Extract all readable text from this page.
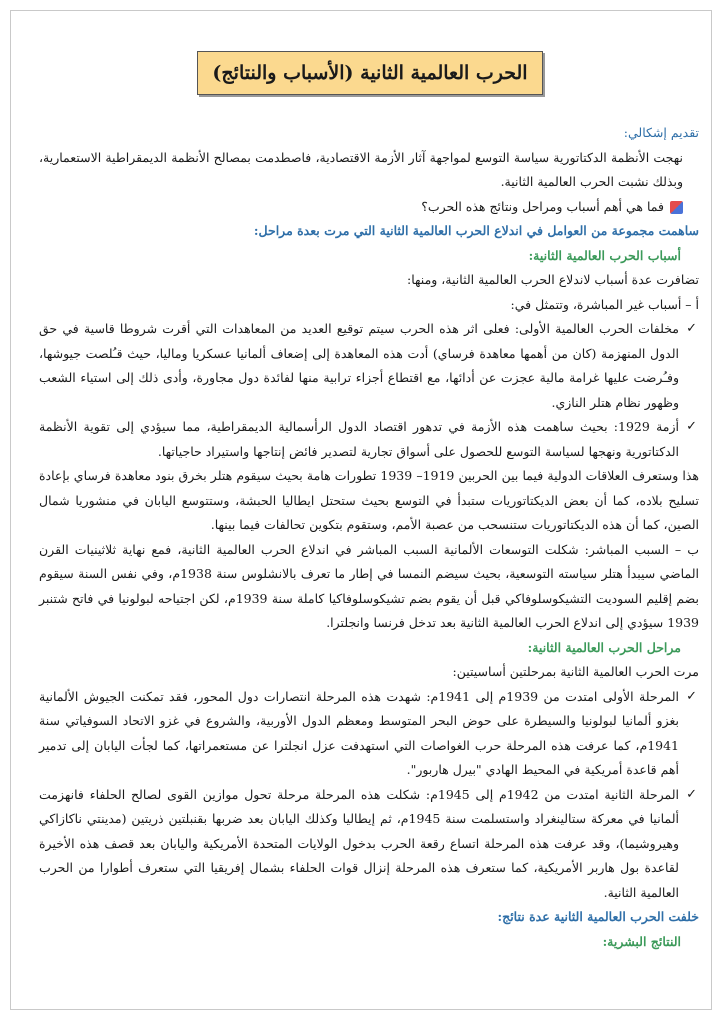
الحرب العالمية الثانية (الأسباب والنتائج)

تقديم إشكالي:

نهجت الأنظمة الدكتاتورية سياسة التوسع لمواجهة آثار الأزمة الاقتصادية، فاصطدمت بمصالح الأنظمة الديمقراطية الاستعمارية، وبذلك نشبت الحرب العالمية الثانية.

فما هي أهم أسباب ومراحل ونتائج هذه الحرب؟

ساهمت مجموعة من العوامل في اندلاع الحرب العالمية الثانية التي مرت بعدة مراحل:

أسباب الحرب العالمية الثانية:

تضافرت عدة أسباب لاندلاع الحرب العالمية الثانية، ومنها:

أ – أسباب غير المباشرة، وتتمثل في:

✓

مخلفات الحرب العالمية الأولى: فعلى اثر هذه الحرب سيتم توقيع العديد من المعاهدات التي أقرت شروطا قاسية في حق الدول المنهزمة (كان من أهمها معاهدة فرساي) أدت هذه المعاهدة إلى إضعاف ألمانيا عسكريا وماليا، حيث قـُلصت جيوشها، وفـُرضت عليها غرامة مالية عجزت عن أدائها، مع اقتطاع أجزاء ترابية منها لفائدة دول مجاورة، وأدى ذلك إلى استياء الشعب وظهور نظام هتلر النازي.

✓

أزمة 1929: بحيث ساهمت هذه الأزمة في تدهور اقتصاد الدول الرأسمالية الديمقراطية، مما سيؤدي إلى تقوية الأنظمة الدكتاتورية ونهجها لسياسة التوسع للحصول على أسواق تجارية لتصدير فائض إنتاجها واستيراد حاجياتها.

هذا وستعرف العلاقات الدولية فيما بين الحربين 1919– 1939 تطورات هامة بحيث سيقوم هتلر بخرق بنود معاهدة فرساي بإعادة تسليح بلاده، كما أن بعض الديكتاتوريات ستبدأ في التوسع بحيث ستحتل ايطاليا الحبشة، وستتوسع اليابان في منشوريا شمال الصين، كما أن هذه الديكتاتوريات ستنسحب من عصبة الأمم، وستقوم بتكوين تحالفات فيما بينها.

ب – السبب المباشر: شكلت التوسعات الألمانية السبب المباشر في اندلاع الحرب العالمية الثانية، فمع نهاية ثلاثينيات القرن الماضي سيبدأ هتلر سياسته التوسعية، بحيث سيضم النمسا في إطار ما تعرف بالانشلوس سنة 1938م، وفي نفس السنة سيقوم بضم إقليم السوديت التشيكوسلوفاكي قبل أن يقوم بضم تشيكوسلوفاكيا كاملة سنة 1939م، لكن اجتياحه لبولونيا في فاتح شتنبر 1939 سيؤدي إلى اندلاع الحرب العالمية الثانية بعد تدخل فرنسا وانجلترا.

مراحل الحرب العالمية الثانية:

مرت الحرب العالمية الثانية بمرحلتين أساسيتين:

✓

المرحلة الأولى امتدت من 1939م إلى 1941م: شهدت هذه المرحلة انتصارات دول المحور، فقد تمكنت الجيوش الألمانية بغزو ألمانيا لبولونيا والسيطرة على حوض البحر المتوسط ومعظم الدول الأوربية، والشروع في غزو الاتحاد السوفياتي سنة 1941م، كما عرفت هذه المرحلة حرب الغواصات التي استهدفت عزل انجلترا عن مستعمراتها، كما لجأت اليابان إلى تدمير أهم قاعدة أمريكية في المحيط الهادي "بيرل هاربور".

✓

المرحلة الثانية امتدت من 1942م إلى 1945م: شكلت هذه المرحلة مرحلة تحول موازين القوى لصالح الحلفاء فانهزمت ألمانيا في معركة ستالينغراد واستسلمت سنة 1945م، ثم إيطاليا وكذلك اليابان بعد ضربها بقنبلتين ذريتين (مدينتي ناكازاكي وهيروشيما)، وقد عرفت هذه المرحلة اتساع رقعة الحرب بدخول الولايات المتحدة الأمريكية واليابان بعد قصف هذه الأخيرة لقاعدة بول هاربر الأمريكية، كما ستعرف هذه المرحلة إنزال قوات الحلفاء بشمال إفريقيا التي ستعرف أطوارا من الحرب العالمية الثانية.

خلفت الحرب العالمية الثانية عدة نتائج:

النتائج البشرية:
